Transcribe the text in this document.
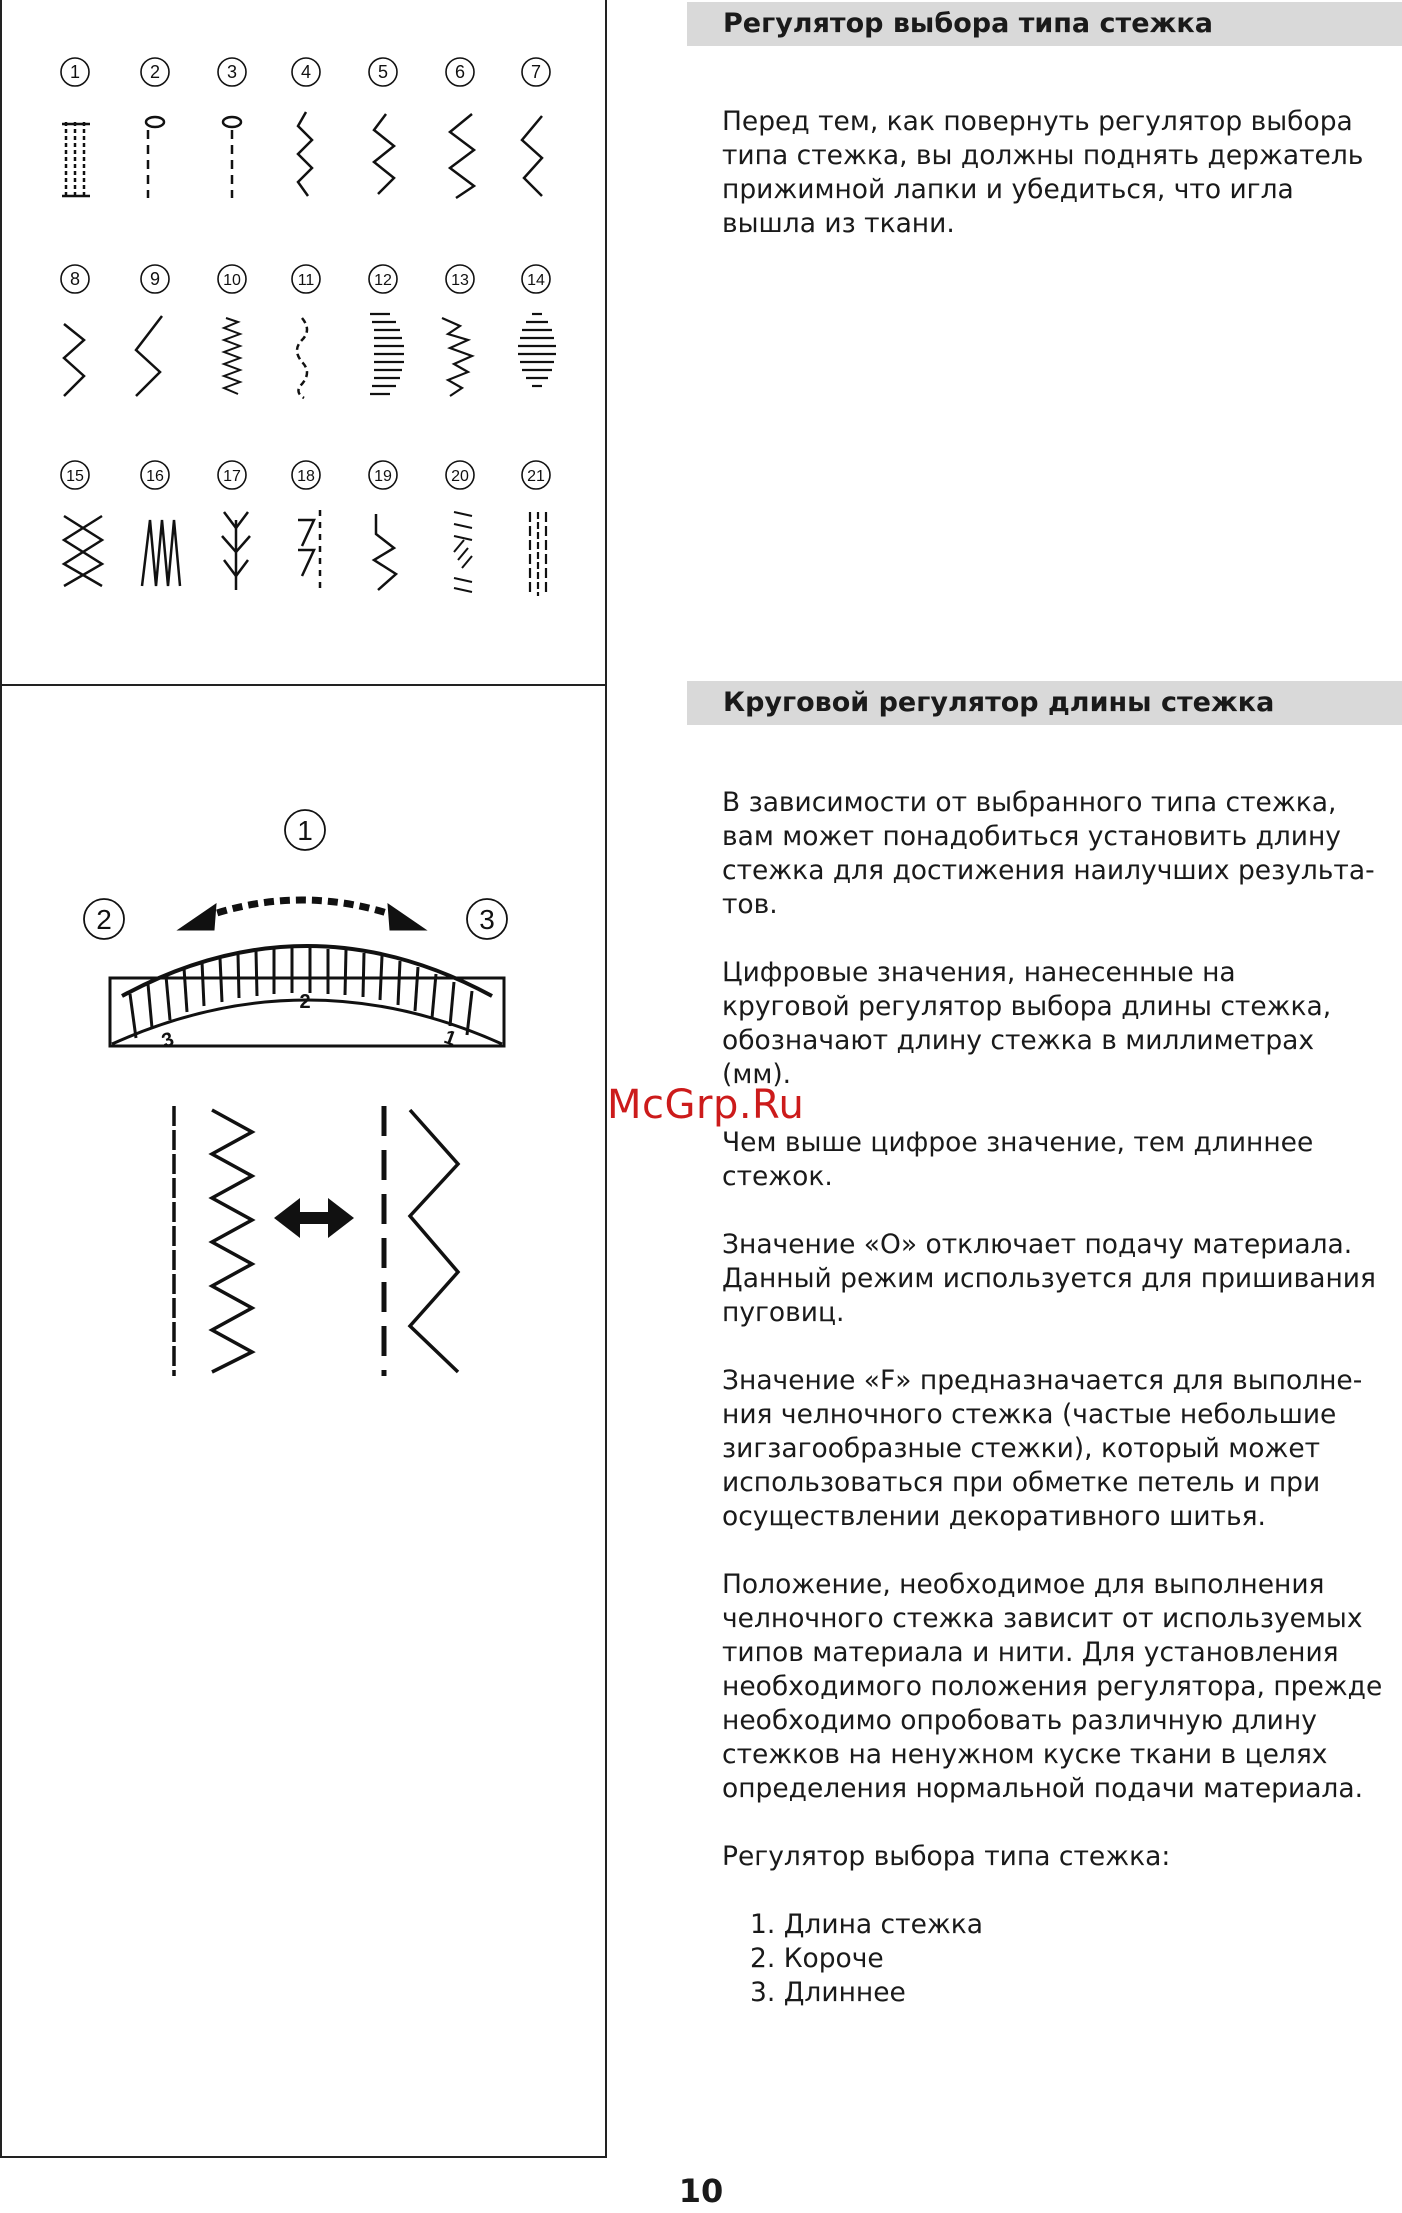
1	2	3	4	5	6	7
8	9	10	11	12	13	14
15	16	17	18	19	20	21
1
2	3
3
2
1
Регулятор выбора типа стежка

Перед тем, как повернуть регулятор выбора
типа стежка, вы должны поднять держатель
прижимной лапки и убедиться, что игла
вышла из ткани.

Круговой регулятор длины стежка

В зависимости от выбранного типа стежка,
вам может понадобиться установить длину
стежка для достижения наилучших результа-
тов.

Цифровые значения, нанесенные на
круговой регулятор выбора длины стежка,
обозначают длину стежка в миллиметрах
(мм).

Чем выше цифрое значение, тем длиннее
стежок.

Значение «О» отключает подачу материала.
Данный режим используется для пришивания
пуговиц.

Значение «F» предназначается для выполне-
ния челночного стежка (частые небольшие
зигзагообразные стежки), который может
использоваться при обметке петель и при
осуществлении декоративного шитья.

Положение, необходимое для выполнения
челночного стежка зависит от используемых
типов материала и нити. Для установления
необходимого положения регулятора, прежде
необходимо опробовать различную длину
стежков на ненужном куске ткани в целях
определения нормальной подачи материала.

Регулятор выбора типа стежка:

1. Длина стежка
2. Короче
3. Длиннее
McGrp.Ru
10
